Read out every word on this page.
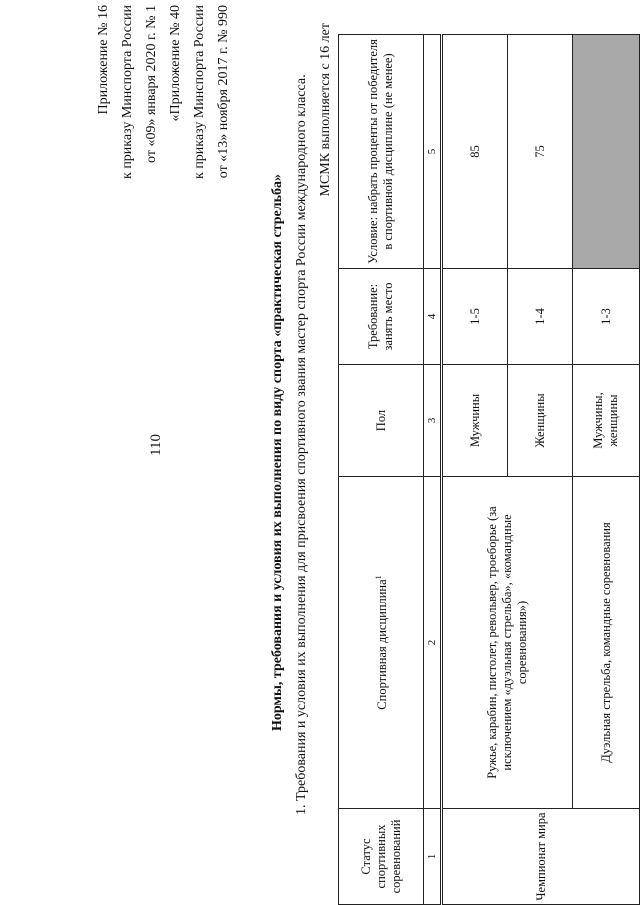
110
Приложение № 16 к приказу Минспорта России от «09» января 2020 г. № 1 «Приложение № 40 к приказу Минспорта России от «13» ноября 2017 г. № 990
Нормы, требования и условия их выполнения по виду спорта «практическая стрельба» 1. Требования и условия их выполнения для присвоения спортивного звания мастер спорта России международного класса. МСМК выполняется с 16 лет
Статус спортивных соревнований	Спортивная дисциплина$^1$	Пол	Требование: занять место	Условие: набрать проценты от победителя в спортивной дисциплине (не менее)
1	2	3	4	5
Чемпионат мира	Ружье, карабин, пистолет, револьвер, троеборье (за исключением «дуэльная стрельба», «командные соревнования»)	Мужчины	1-5	85
		Женщины	1-4	75
	Дуэльная стрельба, командные соревнования	Мужчины, женщины	1-3	
